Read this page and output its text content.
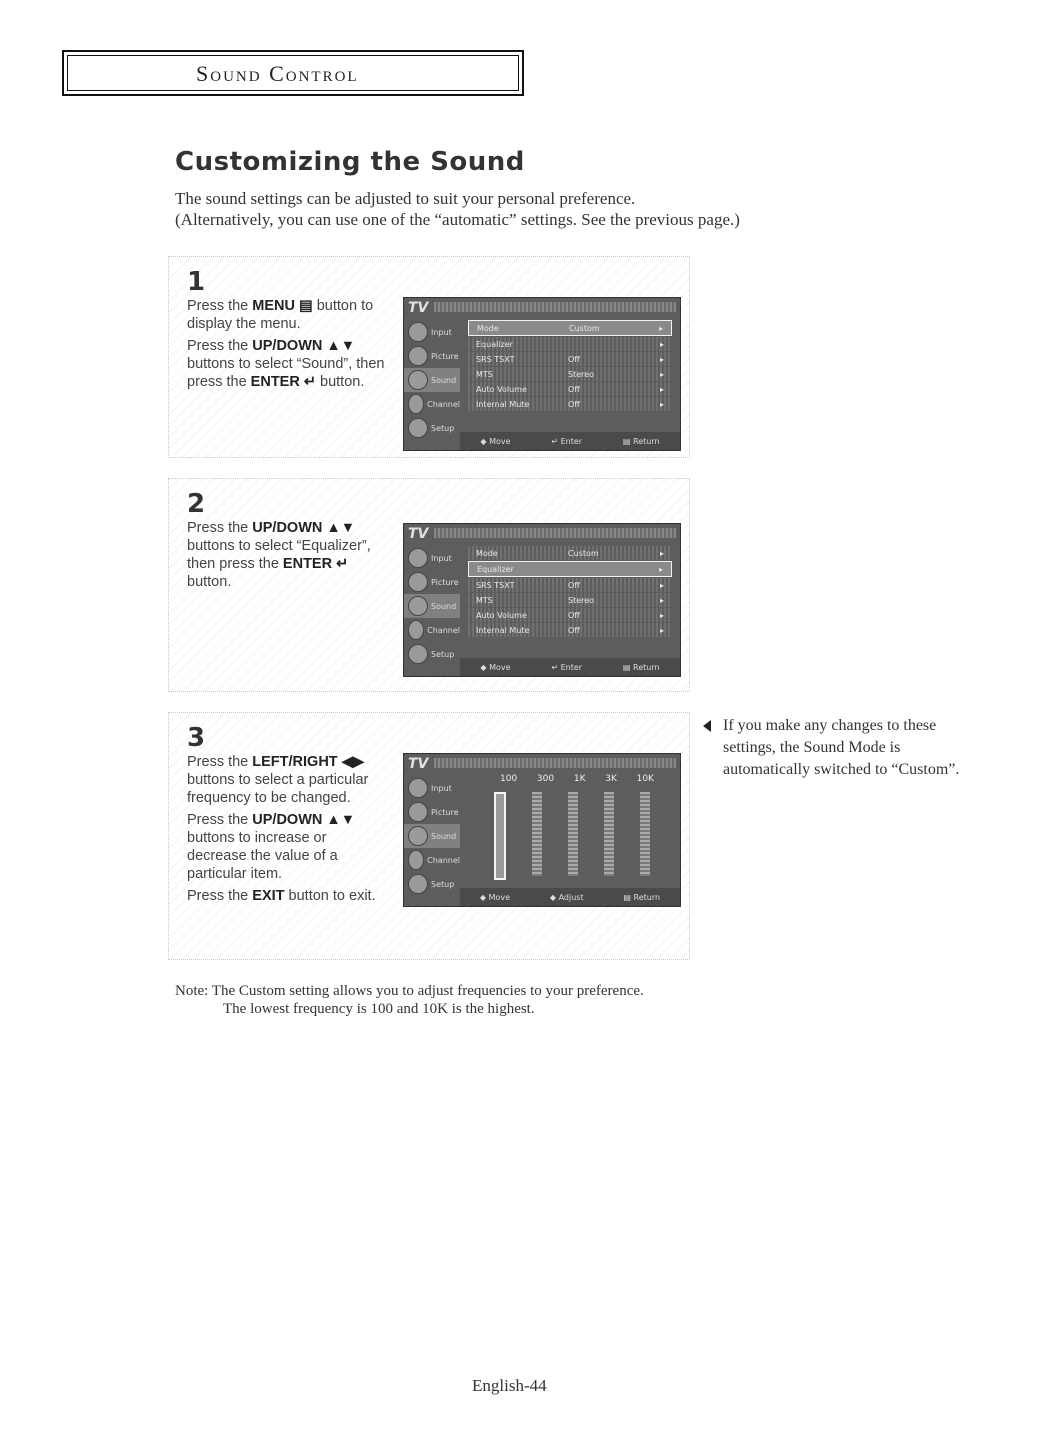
Sound Control
Customizing the Sound

The sound settings can be adjusted to suit your personal preference.

(Alternatively, you can use one of the “automatic” settings. See the previous page.)

1

Press the MENU ▤ button to display the menu.

Press the UP/DOWN ▲▼ buttons to select “Sound”, then press the ENTER ↵ button.

TV
Input
Picture
Sound
Channel
Setup
Mode	Custom	▸
Equalizer	▸
SRS TSXT	Off	▸
MTS	Stereo	▸
Auto Volume	Off	▸
Internal Mute	Off	▸
◆ Move	↵ Enter	▤ Return
2

Press the UP/DOWN ▲▼ buttons to select “Equalizer”, then press the ENTER ↵ button.

TV
Input
Picture
Sound
Channel
Setup
Mode	Custom	▸
Equalizer	▸
SRS TSXT	Off	▸
MTS	Stereo	▸
Auto Volume	Off	▸
Internal Mute	Off	▸
◆ Move	↵ Enter	▤ Return
3

Press the LEFT/RIGHT ◀▶ buttons to select a particular frequency to be changed.

Press the UP/DOWN ▲▼ buttons to increase or decrease the value of a particular item.

Press the EXIT button to exit.

TV
Input
Picture
Sound
Channel
Setup
100 300 1K 3K 10K
◆ Move	◆ Adjust	▤ Return
If you make any changes to these settings, the Sound Mode is automatically switched to “Custom”.

Note: The Custom setting allows you to adjust frequencies to your preference.

The lowest frequency is 100 and 10K is the highest.

English-44
